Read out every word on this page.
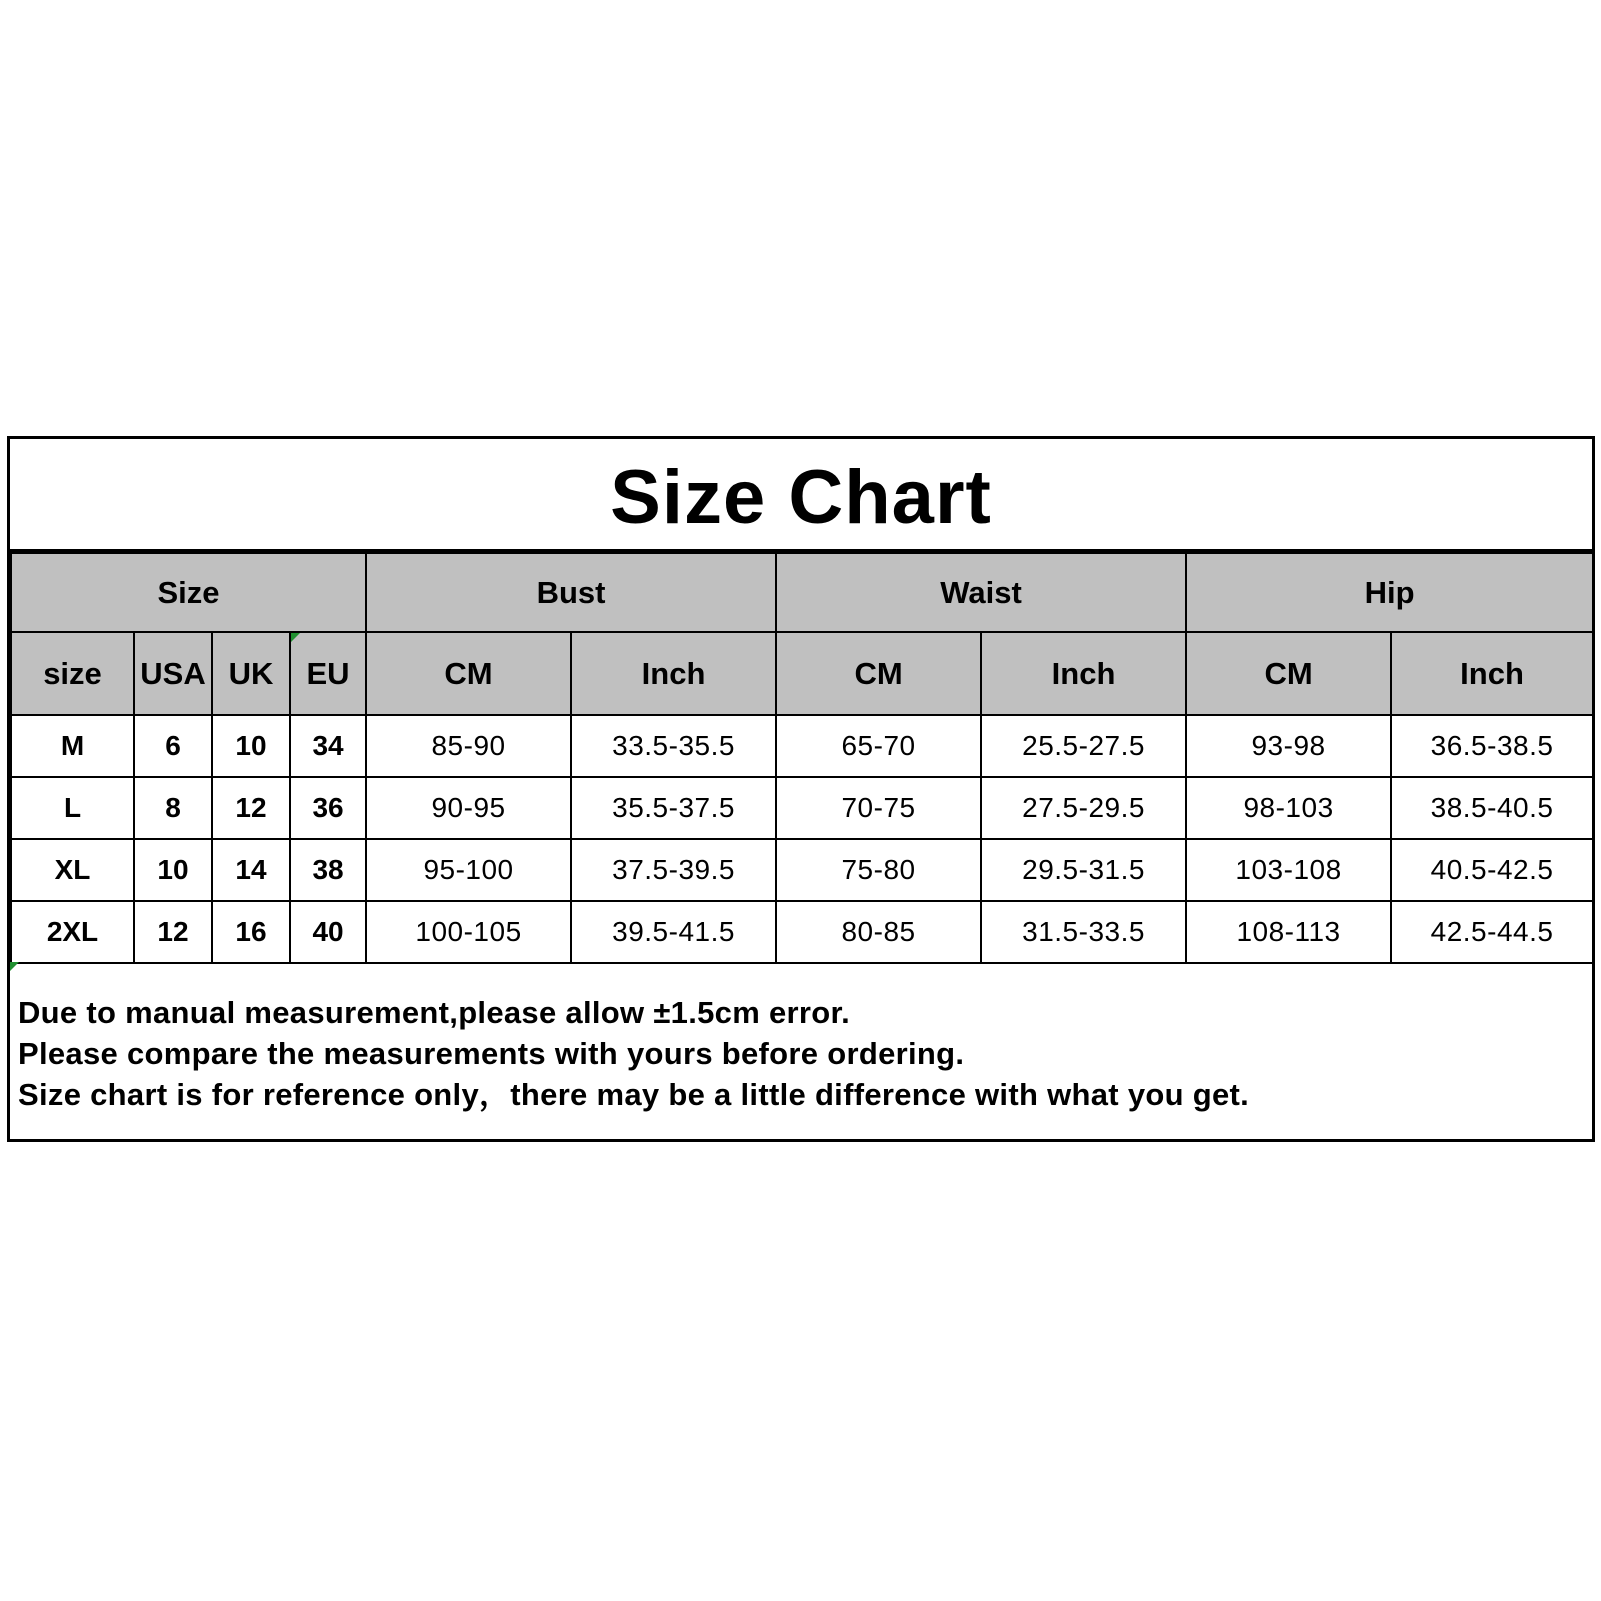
Size Chart
Size				Bust		Waist		Hip	
size	USA	UK	EU	CM	Inch	CM	Inch	CM	Inch
M	6	10	34	85-90	33.5-35.5	65-70	25.5-27.5	93-98	36.5-38.5
L	8	12	36	90-95	35.5-37.5	70-75	27.5-29.5	98-103	38.5-40.5
XL	10	14	38	95-100	37.5-39.5	75-80	29.5-31.5	103-108	40.5-42.5
2XL	12	16	40	100-105	39.5-41.5	80-85	31.5-33.5	108-113	42.5-44.5
Due to manual measurement,please allow ±1.5cm error.
Please compare the measurements with yours before ordering.
Size chart is for reference only，there may be a little difference with what you get.
